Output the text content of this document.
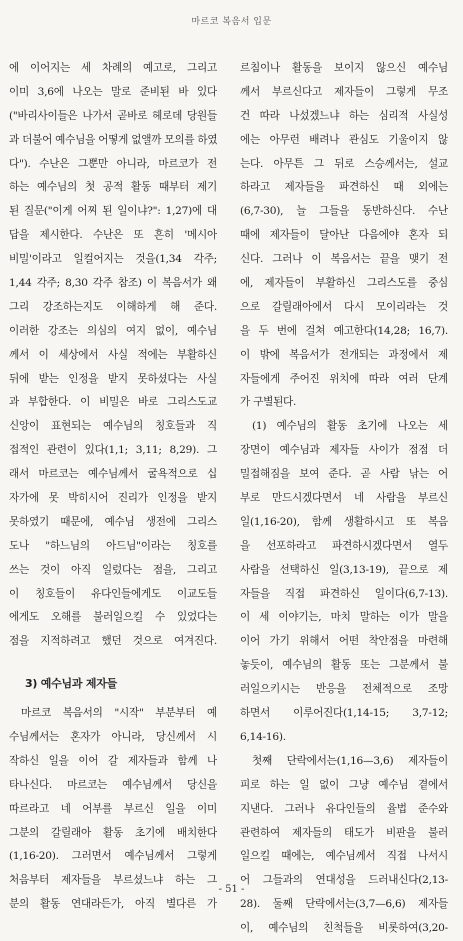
마르코 복음서 입문
에 이어지는 세 차례의 예고로, 그리고
이미 3,6에 나오는 말로 준비된 바 있다
("바리사이들은 나가서 곧바로 헤로데 당원들
과 더불어 예수님을 어떻게 없앨까 모의를 하였
다"). 수난은 그뿐만 아니라, 마르코가 전
하는 예수님의 첫 공적 활동 때부터 제기
된 질문("이게 어찌 된 일이냐?": 1,27)에 대
답을 제시한다. 수난은 또 흔히 '메시아
비밀'이라고 일컬어지는 것을(1,34 각주;
1,44 각주; 8,30 각주 참조) 이 복음서가 왜
그리 강조하는지도 이해하게 해 준다.
이러한 강조는 의심의 여지 없이, 예수님
께서 이 세상에서 사실 적에는 부활하신
뒤에 받는 인정을 받지 못하셨다는 사실
과 부합한다. 이 비밀은 바로 그리스도교
신앙이 표현되는 예수님의 칭호들과 직
접적인 관련이 있다(1,1; 3,11; 8,29). 그
래서 마르코는 예수님께서 굴욕적으로 십
자가에 못 박히시어 진리가 인정을 받지
못하였기 때문에, 예수님 생전에 그리스
도나 "하느님의 아드님"이라는 칭호를
쓰는 것이 아직 일렀다는 점을, 그리고
이 칭호들이 유다인들에게도 이교도들
에게도 오해를 불러일으킬 수 있었다는
점을 지적하려고 했던 것으로 여겨진다.
3) 예수님과 제자들
마르코 복음서의 "시작" 부분부터 예
수님께서는 혼자가 아니라, 당신께서 시
작하신 일을 이어 갈 제자들과 함께 나
타나신다. 마르코는 예수님께서 당신을
따르라고 네 어부를 부르신 일을 이미
그분의 갈릴래아 활동 초기에 배치한다
(1,16-20). 그러면서 예수님께서 그렇게
처음부터 제자들을 부르셨느냐 하는 그
분의 활동 연대라든가, 아직 별다른 가
르침이나 활동을 보이지 않으신 예수님
께서 부르신다고 제자들이 그렇게 무조
건 따라 나섰겠느냐 하는 심리적 사실성
에는 아무런 배려나 관심도 기울이지 않
는다. 아무튼 그 뒤로 스승께서는, 설교
하라고 제자들을 파견하신 때 외에는
(6,7-30), 늘 그들을 동반하신다. 수난
때에 제자들이 달아난 다음에야 혼자 되
신다. 그러나 이 복음서는 끝을 맺기 전
에, 제자들이 부활하신 그리스도를 중심
으로 갈릴래아에서 다시 모이리라는 것
을 두 번에 걸쳐 예고한다(14,28; 16,7).
이 밖에 복음서가 전개되는 과정에서 제
자들에게 주어진 위치에 따라 여러 단계
가 구별된다.
(1) 예수님의 활동 초기에 나오는 세
장면이 예수님과 제자들 사이가 점점 더
밀접해짐을 보여 준다. 곧 사람 낚는 어
부로 만드시겠다면서 네 사람을 부르신
일(1,16-20), 함께 생활하시고 또 복음
을 선포하라고 파견하시겠다면서 열두
사람을 선택하신 일(3,13-19), 끝으로 제
자들을 직접 파견하신 일이다(6,7-13).
이 세 이야기는, 마치 말하는 이가 말을
이어 가기 위해서 어떤 착안점을 마련해
놓듯이, 예수님의 활동 또는 그분께서 불
러일으키시는 반응을 전체적으로 조망
하면서 이루어진다(1,14-15; 3,7-12;
6,14-16).
첫째 단락에서는(1,16—3,6) 제자들이
피로 하는 일 없이 그냥 예수님 곁에서
지낸다. 그러나 유다인들의 율법 준수와
관련하여 제자들의 태도가 비판을 불러
일으킬 때에는, 예수님께서 직접 나서시
어 그들과의 연대성을 드러내신다(2,13-
28). 둘째 단락에서는(3,7—6,6) 제자들
이, 예수님의 친척들을 비롯하여(3,20-
- 51 -
